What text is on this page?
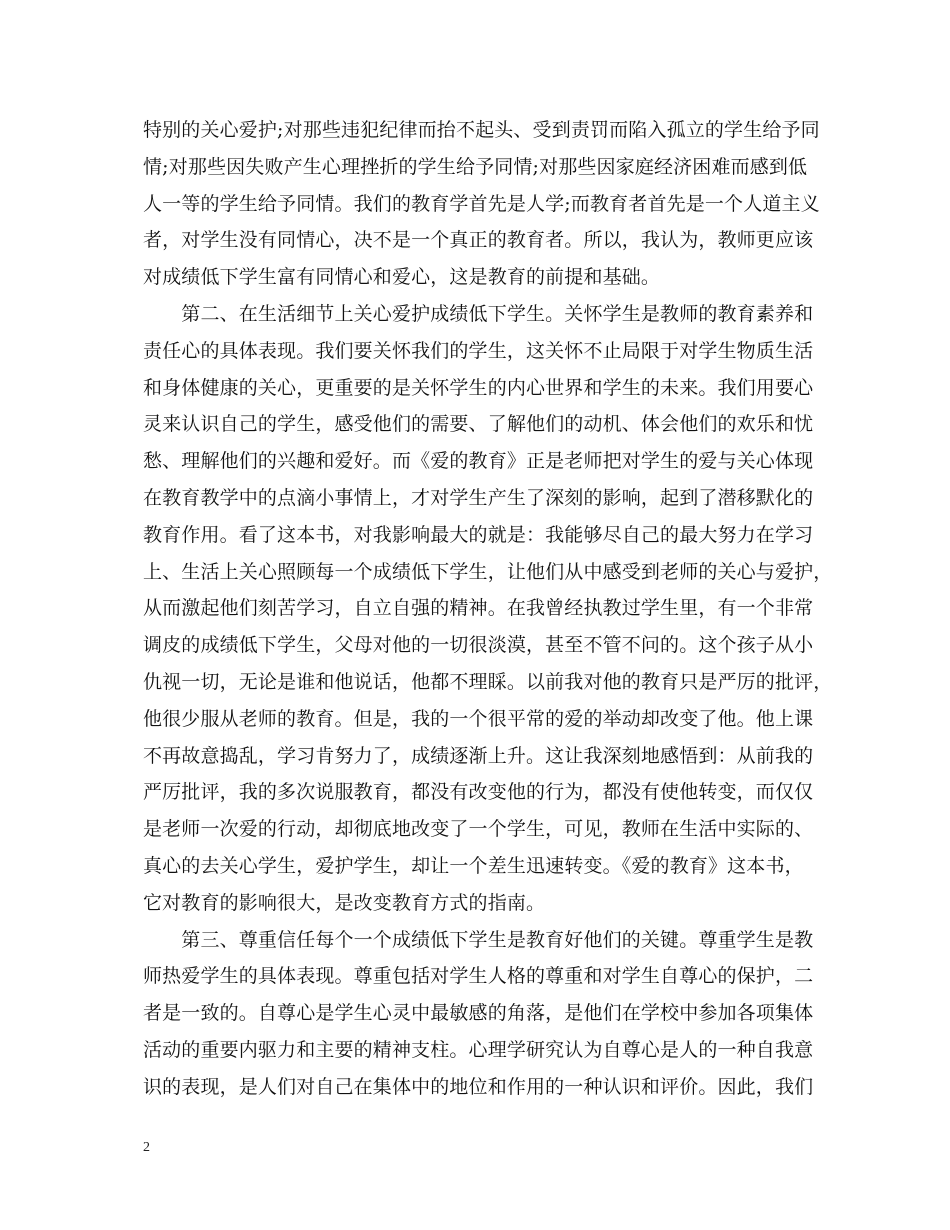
特别的关心爱护;对那些违犯纪律而抬不起头、受到责罚而陷入孤立的学生给予同
情;对那些因失败产生心理挫折的学生给予同情;对那些因家庭经济困难而感到低
人一等的学生给予同情。我们的教育学首先是人学;而教育者首先是一个人道主义
者，对学生没有同情心，决不是一个真正的教育者。所以，我认为，教师更应该
对成绩低下学生富有同情心和爱心，这是教育的前提和基础。
　　第二、在生活细节上关心爱护成绩低下学生。关怀学生是教师的教育素养和
责任心的具体表现。我们要关怀我们的学生，这关怀不止局限于对学生物质生活
和身体健康的关心，更重要的是关怀学生的内心世界和学生的未来。我们用要心
灵来认识自己的学生，感受他们的需要、了解他们的动机、体会他们的欢乐和忧
愁、理解他们的兴趣和爱好。而《爱的教育》正是老师把对学生的爱与关心体现
在教育教学中的点滴小事情上，才对学生产生了深刻的影响，起到了潜移默化的
教育作用。看了这本书，对我影响最大的就是：我能够尽自己的最大努力在学习
上、生活上关心照顾每一个成绩低下学生，让他们从中感受到老师的关心与爱护，
从而激起他们刻苦学习，自立自强的精神。在我曾经执教过学生里，有一个非常
调皮的成绩低下学生，父母对他的一切很淡漠，甚至不管不问的。这个孩子从小
仇视一切，无论是谁和他说话，他都不理睬。以前我对他的教育只是严厉的批评，
他很少服从老师的教育。但是，我的一个很平常的爱的举动却改变了他。他上课
不再故意捣乱，学习肯努力了，成绩逐渐上升。这让我深刻地感悟到：从前我的
严厉批评，我的多次说服教育，都没有改变他的行为，都没有使他转变，而仅仅
是老师一次爱的行动，却彻底地改变了一个学生，可见，教师在生活中实际的、
真心的去关心学生，爱护学生，却让一个差生迅速转变。《爱的教育》这本书，
它对教育的影响很大，是改变教育方式的指南。
　　第三、尊重信任每个一个成绩低下学生是教育好他们的关键。尊重学生是教
师热爱学生的具体表现。尊重包括对学生人格的尊重和对学生自尊心的保护，二
者是一致的。自尊心是学生心灵中最敏感的角落，是他们在学校中参加各项集体
活动的重要内驱力和主要的精神支柱。心理学研究认为自尊心是人的一种自我意
识的表现，是人们对自己在集体中的地位和作用的一种认识和评价。因此，我们
2
